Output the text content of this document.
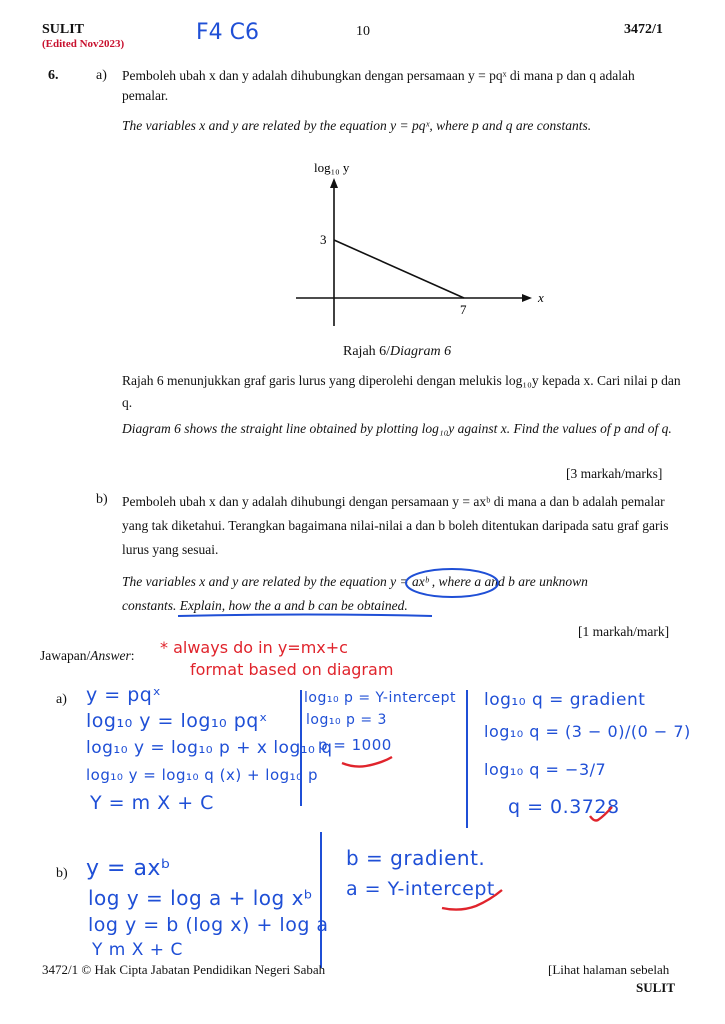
SULIT
(Edited Nov2023)	F4 C6	10	3472/1
6.	a) Pemboleh ubah x dan y adalah dihubungkan dengan persamaan y = pqˣ di mana p dan q adalah pemalar.
The variables x and y are related by the equation y = pqˣ, where p and q are constants.
log₁₀ y
x
3
7
Rajah 6/Diagram 6
Rajah 6 menunjukkan graf garis lurus yang diperolehi dengan melukis log₁₀y kepada x. Cari nilai p dan q.
Diagram 6 shows the straight line obtained by plotting log₁₀y against x. Find the values of p and of q.
[3 markah/marks]
b) Pemboleh ubah x dan y adalah dihubungi dengan persamaan y = axᵇ di mana a dan b adalah pemalar yang tak diketahui. Terangkan bagaimana nilai-nilai a dan b boleh ditentukan daripada satu graf garis lurus yang sesuai.
The variables x and y are related by the equation y = axᵇ , where a and b are unknown
constants. Explain, how the a and b can be obtained.
[1 markah/mark]
Jawapan/Answer: * always do in y=mx+c
format based on diagram
a) y = pqˣ
log₁₀ y = log₁₀ pqˣ
log₁₀ y = log₁₀ p + x log₁₀ q
log₁₀ y = log₁₀ q (x) + log₁₀ p
Y = m X + C
log₁₀ p = Y-intercept
log₁₀ p = 3
p = 1000
log₁₀ q = gradient
log₁₀ q = (3 − 0)/(0 − 7)
log₁₀ q = −3/7
q = 0.3728
b) y = axᵇ
log y = log a + log xᵇ
log y = b (log x) + log a
Y m X + C
b = gradient.
a = Y-intercept
3472/1 © Hak Cipta Jabatan Pendidikan Negeri Sabah	[Lihat halaman sebelah
SULIT
